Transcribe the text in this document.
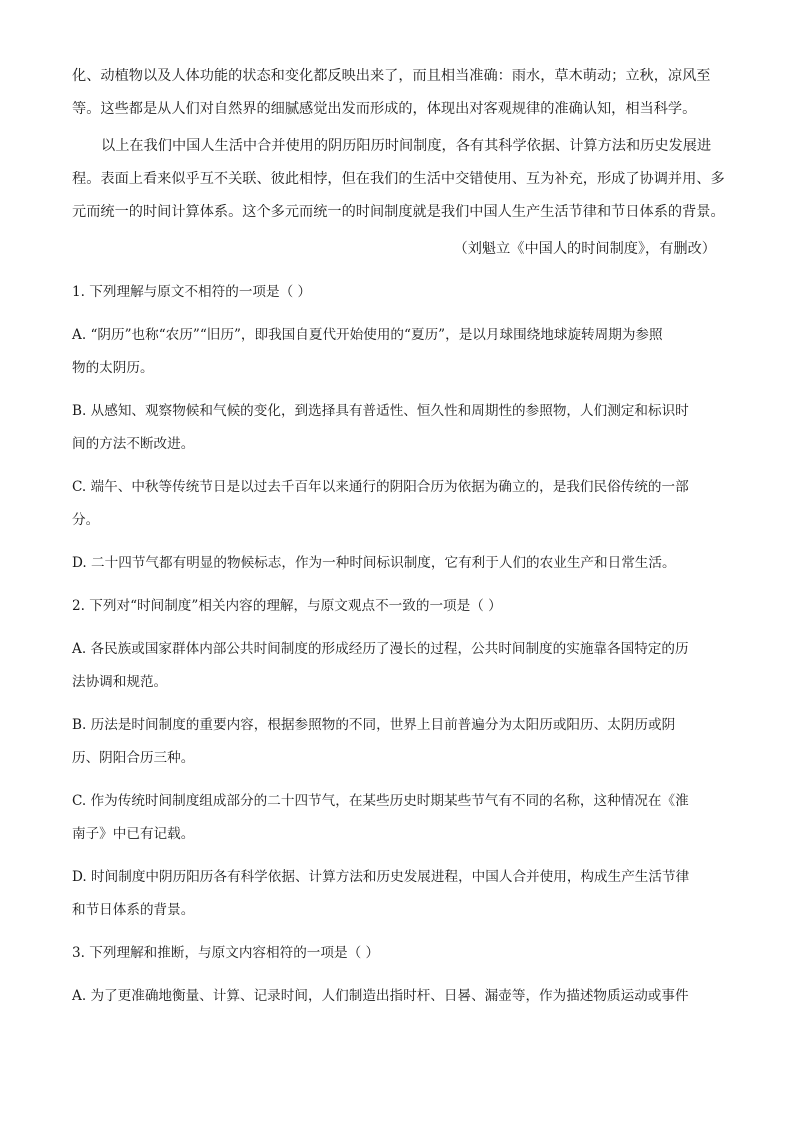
化、动植物以及人体功能的状态和变化都反映出来了，而且相当准确：雨水，草木萌动；立秋，凉风至

等。这些都是从人们对自然界的细腻感觉出发而形成的，体现出对客观规律的准确认知，相当科学。

以上在我们中国人生活中合并使用的阴历阳历时间制度，各有其科学依据、计算方法和历史发展进

程。表面上看来似乎互不关联、彼此相悖，但在我们的生活中交错使用、互为补充，形成了协调并用、多

元而统一的时间计算体系。这个多元而统一的时间制度就是我们中国人生产生活节律和节日体系的背景。

（刘魁立《中国人的时间制度》，有删改）

1. 下列理解与原文不相符的一项是（ ）

A. “阴历”也称“农历”“旧历”，即我国自夏代开始使用的“夏历”，是以月球围绕地球旋转周期为参照

物的太阴历。

B. 从感知、观察物候和气候的变化，到选择具有普适性、恒久性和周期性的参照物，人们测定和标识时

间的方法不断改进。

C. 端午、中秋等传统节日是以过去千百年以来通行的阴阳合历为依据为确立的，是我们民俗传统的一部

分。

D. 二十四节气都有明显的物候标志，作为一种时间标识制度，它有利于人们的农业生产和日常生活。

2. 下列对“时间制度”相关内容的理解，与原文观点不一致的一项是（ ）

A. 各民族或国家群体内部公共时间制度的形成经历了漫长的过程，公共时间制度的实施靠各国特定的历

法协调和规范。

B. 历法是时间制度的重要内容，根据参照物的不同，世界上目前普遍分为太阳历或阳历、太阴历或阴

历、阴阳合历三种。

C. 作为传统时间制度组成部分的二十四节气，在某些历史时期某些节气有不同的名称，这种情况在《淮

南子》中已有记载。

D. 时间制度中阴历阳历各有科学依据、计算方法和历史发展进程，中国人合并使用，构成生产生活节律

和节日体系的背景。

3. 下列理解和推断，与原文内容相符的一项是（ ）

A. 为了更准确地衡量、计算、记录时间，人们制造出指时杆、日晷、漏壶等，作为描述物质运动或事件
